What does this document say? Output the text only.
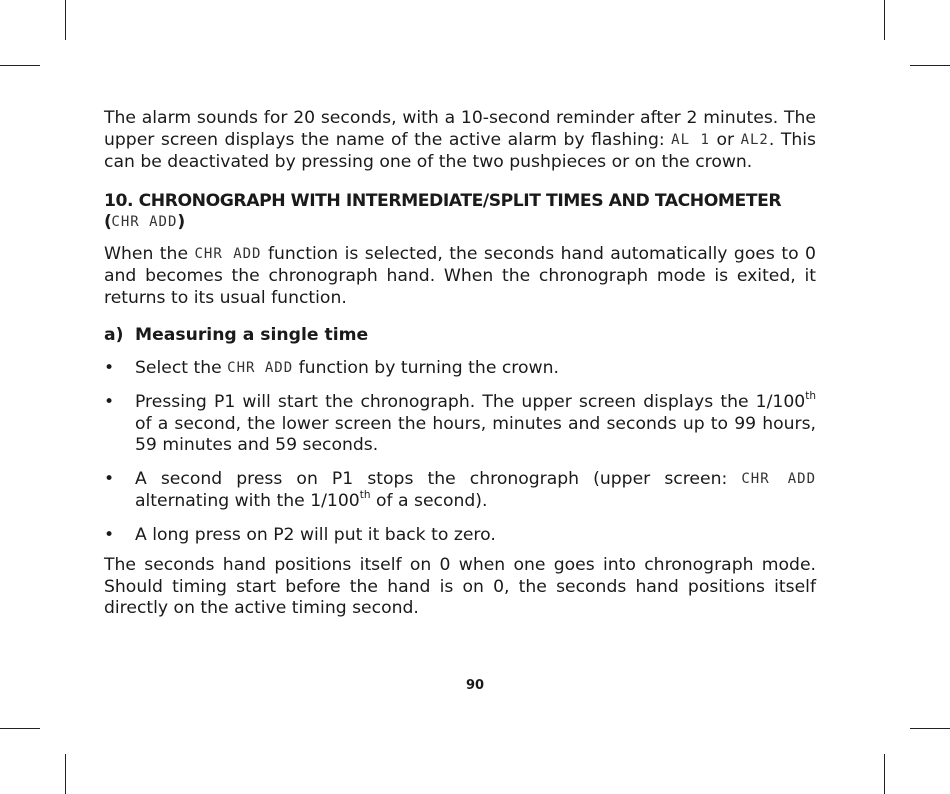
The alarm sounds for 20 seconds, with a 10-second reminder after 2 minutes. The upper screen displays the name of the active alarm by flashing: AL 1 or AL2. This can be deactivated by pressing one of the two pushpieces or on the crown.

10. CHRONOGRAPH WITH INTERMEDIATE/SPLIT TIMES AND TACHOMETER (CHR ADD)

When the CHR ADD function is selected, the seconds hand automatically goes to 0 and becomes the chronograph hand. When the chronograph mode is exited, it returns to its usual function.

a) Measuring a single time
• Select the CHR ADD function by turning the crown.
• Pressing P1 will start the chronograph. The upper screen displays the 1/100th of a second, the lower screen the hours, minutes and seconds up to 99 hours, 59 minutes and 59 seconds.
• A second press on P1 stops the chronograph (upper screen: CHR ADD alternating with the 1/100th of a second).
• A long press on P2 will put it back to zero.

The seconds hand positions itself on 0 when one goes into chronograph mode. Should timing start before the hand is on 0, the seconds hand positions itself directly on the active timing second.

90
